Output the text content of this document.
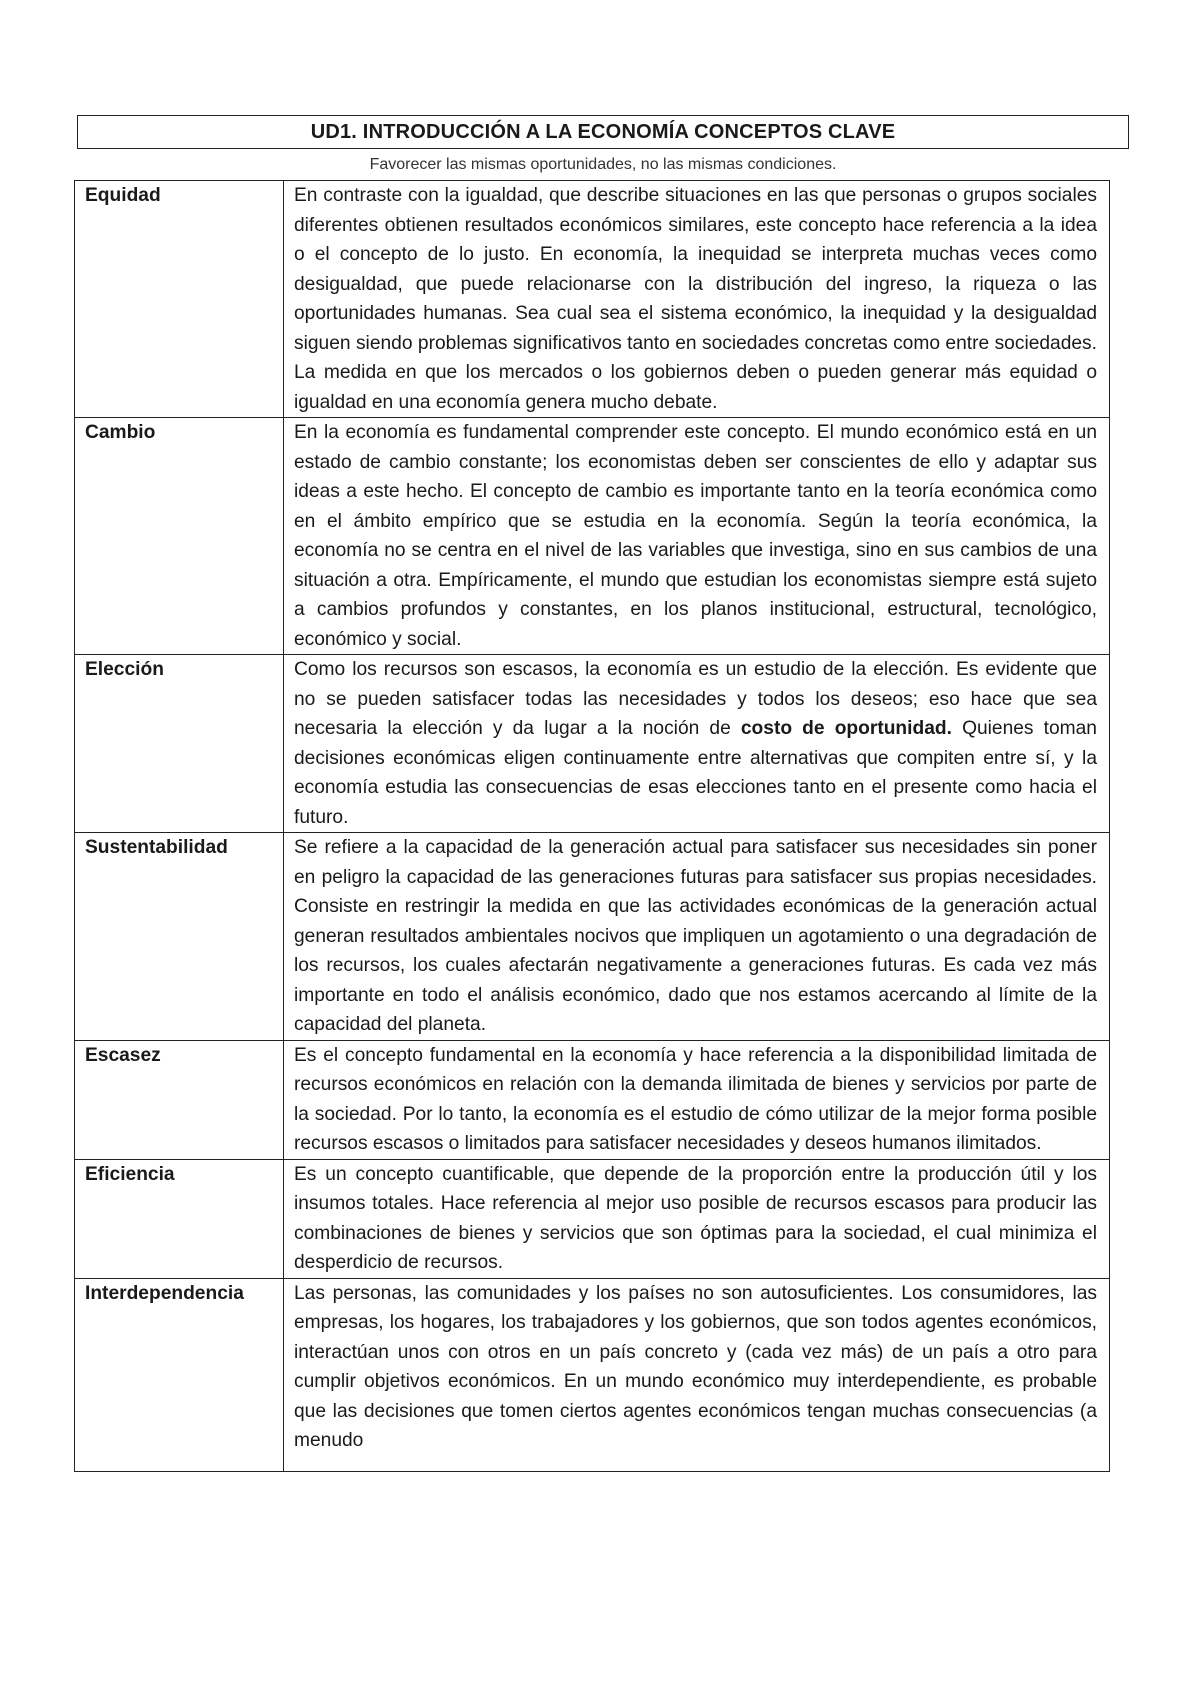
UD1. INTRODUCCIÓN A LA ECONOMÍA CONCEPTOS CLAVE
Favorecer las mismas oportunidades, no las mismas condiciones.
Equidad	En contraste con la igualdad, que describe situaciones en las que personas o grupos sociales diferentes obtienen resultados económicos similares, este concepto hace referencia a la idea o el concepto de lo justo. En economía, la inequidad se interpreta muchas veces como desigualdad, que puede relacionarse con la distribución del ingreso, la riqueza o las oportunidades humanas. Sea cual sea el sistema económico, la inequidad y la desigualdad siguen siendo problemas significativos tanto en sociedades concretas como entre sociedades. La medida en que los mercados o los gobiernos deben o pueden generar más equidad o igualdad en una economía genera mucho debate.
Cambio	En la economía es fundamental comprender este concepto. El mundo económico está en un estado de cambio constante; los economistas deben ser conscientes de ello y adaptar sus ideas a este hecho. El concepto de cambio es importante tanto en la teoría económica como en el ámbito empírico que se estudia en la economía. Según la teoría económica, la economía no se centra en el nivel de las variables que investiga, sino en sus cambios de una situación a otra. Empíricamente, el mundo que estudian los economistas siempre está sujeto a cambios profundos y constantes, en los planos institucional, estructural, tecnológico, económico y social.
Elección	Como los recursos son escasos, la economía es un estudio de la elección. Es evidente que no se pueden satisfacer todas las necesidades y todos los deseos; eso hace que sea necesaria la elección y da lugar a la noción de costo de oportunidad. Quienes toman decisiones económicas eligen continuamente entre alternativas que compiten entre sí, y la economía estudia las consecuencias de esas elecciones tanto en el presente como hacia el futuro.
Sustentabilidad	Se refiere a la capacidad de la generación actual para satisfacer sus necesidades sin poner en peligro la capacidad de las generaciones futuras para satisfacer sus propias necesidades. Consiste en restringir la medida en que las actividades económicas de la generación actual generan resultados ambientales nocivos que impliquen un agotamiento o una degradación de los recursos, los cuales afectarán negativamente a generaciones futuras. Es cada vez más importante en todo el análisis económico, dado que nos estamos acercando al límite de la capacidad del planeta.
Escasez	Es el concepto fundamental en la economía y hace referencia a la disponibilidad limitada de recursos económicos en relación con la demanda ilimitada de bienes y servicios por parte de la sociedad. Por lo tanto, la economía es el estudio de cómo utilizar de la mejor forma posible recursos escasos o limitados para satisfacer necesidades y deseos humanos ilimitados.
Eficiencia	Es un concepto cuantificable, que depende de la proporción entre la producción útil y los insumos totales. Hace referencia al mejor uso posible de recursos escasos para producir las combinaciones de bienes y servicios que son óptimas para la sociedad, el cual minimiza el desperdicio de recursos.
Interdependencia	Las personas, las comunidades y los países no son autosuficientes. Los consumidores, las empresas, los hogares, los trabajadores y los gobiernos, que son todos agentes económicos, interactúan unos con otros en un país concreto y (cada vez más) de un país a otro para cumplir objetivos económicos. En un mundo económico muy interdependiente, es probable que las decisiones que tomen ciertos agentes económicos tengan muchas consecuencias (a menudo
